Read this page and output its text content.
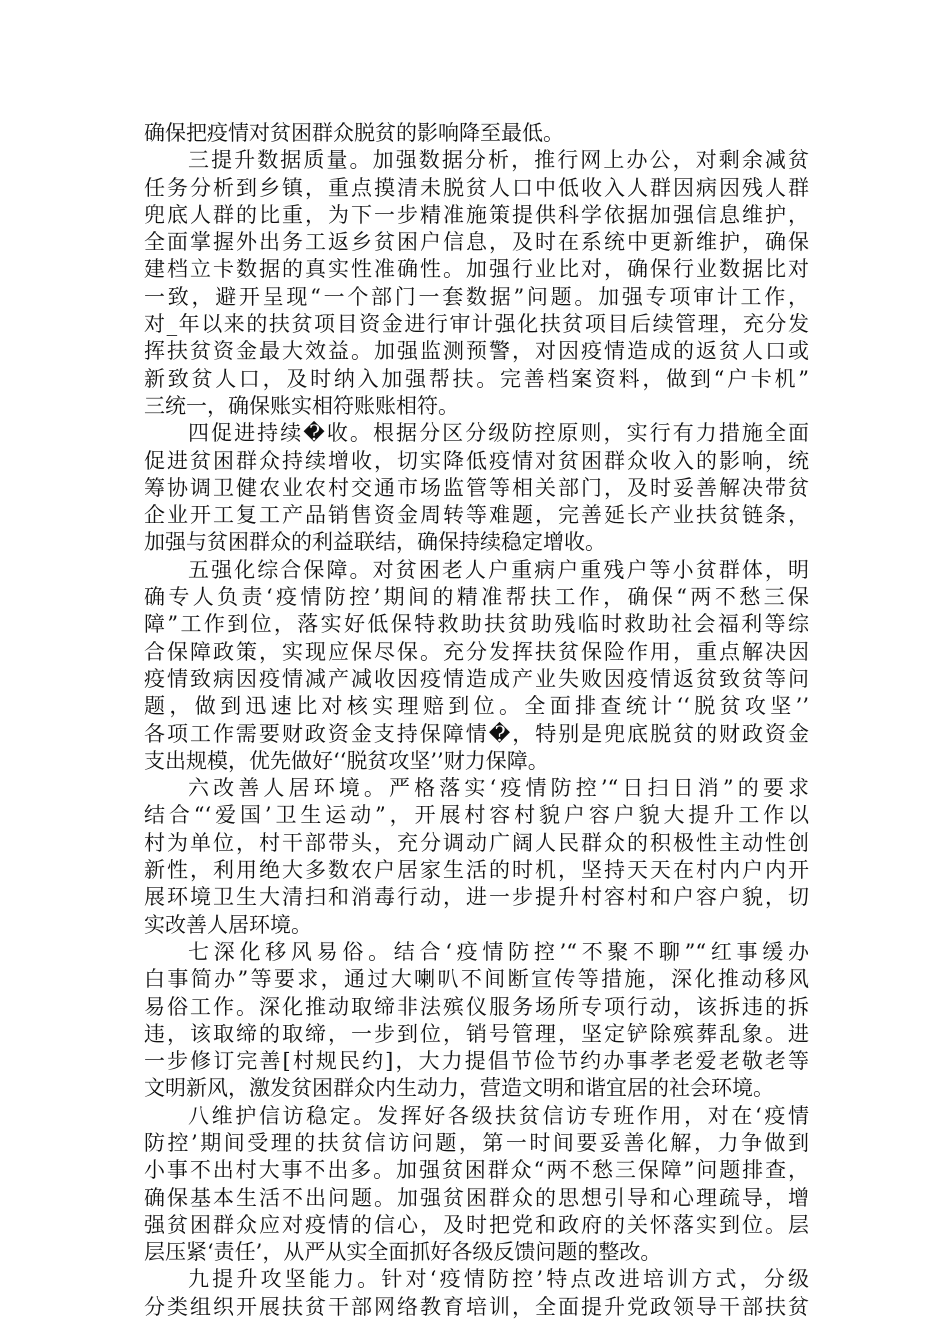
确保把疫情对贫困群众脱贫的影响降至最低。
三提升数据质量。加强数据分析，推行网上办公，对剩余减贫
任务分析到乡镇，重点摸清未脱贫人口中低收入人群因病因残人群
兜底人群的比重，为下一步精准施策提供科学依据加强信息维护，
全面掌握外出务工返乡贫困户信息，及时在系统中更新维护，确保
建档立卡数据的真实性准确性。加强行业比对，确保行业数据比对
一致，避开呈现“一个部门一套数据”问题。加强专项审计工作，
对_年以来的扶贫项目资金进行审计强化扶贫项目后续管理，充分发
挥扶贫资金最大效益。加强监测预警，对因疫情造成的返贫人口或
新致贫人口，及时纳入加强帮扶。完善档案资料，做到“户卡机”
三统一，确保账实相符账账相符。
四促进持续�收。根据分区分级防控原则，实行有力措施全面
促进贫困群众持续增收，切实降低疫情对贫困群众收入的影响，统
筹协调卫健农业农村交通市场监管等相关部门，及时妥善解决带贫
企业开工复工产品销售资金周转等难题，完善延长产业扶贫链条，
加强与贫困群众的利益联结，确保持续稳定增收。
五强化综合保障。对贫困老人户重病户重残户等小贫群体，明
确专人负责‘疫情防控’期间的精准帮扶工作，确保“两不愁三保
障”工作到位，落实好低保特救助扶贫助残临时救助社会福利等综
合保障政策，实现应保尽保。充分发挥扶贫保险作用，重点解决因
疫情致病因疫情减产减收因疫情造成产业失败因疫情返贫致贫等问
题，做到迅速比对核实理赔到位。全面排查统计‘‘脱贫攻坚’’
各项工作需要财政资金支持保障情�，特别是兜底脱贫的财政资金
支出规模，优先做好‘‘脱贫攻坚’’财力保障。
六改善人居环境。严格落实‘疫情防控’“日扫日消”的要求
结合“‘爱国’卫生运动”，开展村容村貌户容户貌大提升工作以
村为单位，村干部带头，充分调动广阔人民群众的积极性主动性创
新性，利用绝大多数农户居家生活的时机，坚持天天在村内户内开
展环境卫生大清扫和消毒行动，进一步提升村容村和户容户貌，切
实改善人居环境。
七深化移风易俗。结合‘疫情防控’“不聚不聊”“红事缓办
白事简办”等要求，通过大喇叭不间断宣传等措施，深化推动移风
易俗工作。深化推动取缔非法殡仪服务场所专项行动，该拆违的拆
违，该取缔的取缔，一步到位，销号管理，坚定铲除殡葬乱象。进
一步修订完善[村规民约]，大力提倡节俭节约办事孝老爱老敬老等
文明新风，激发贫困群众内生动力，营造文明和谐宜居的社会环境。
八维护信访稳定。发挥好各级扶贫信访专班作用，对在‘疫情
防控’期间受理的扶贫信访问题，第一时间要妥善化解，力争做到
小事不出村大事不出多。加强贫困群众“两不愁三保障”问题排查，
确保基本生活不出问题。加强贫困群众的思想引导和心理疏导，增
强贫困群众应对疫情的信心，及时把党和政府的关怀落实到位。层
层压紧‘责任’，从严从实全面抓好各级反馈问题的整改。
九提升攻坚能力。针对‘疫情防控’特点改进培训方式，分级
分类组织开展扶贫干部网络教育培训，全面提升党政领导干部扶贫
